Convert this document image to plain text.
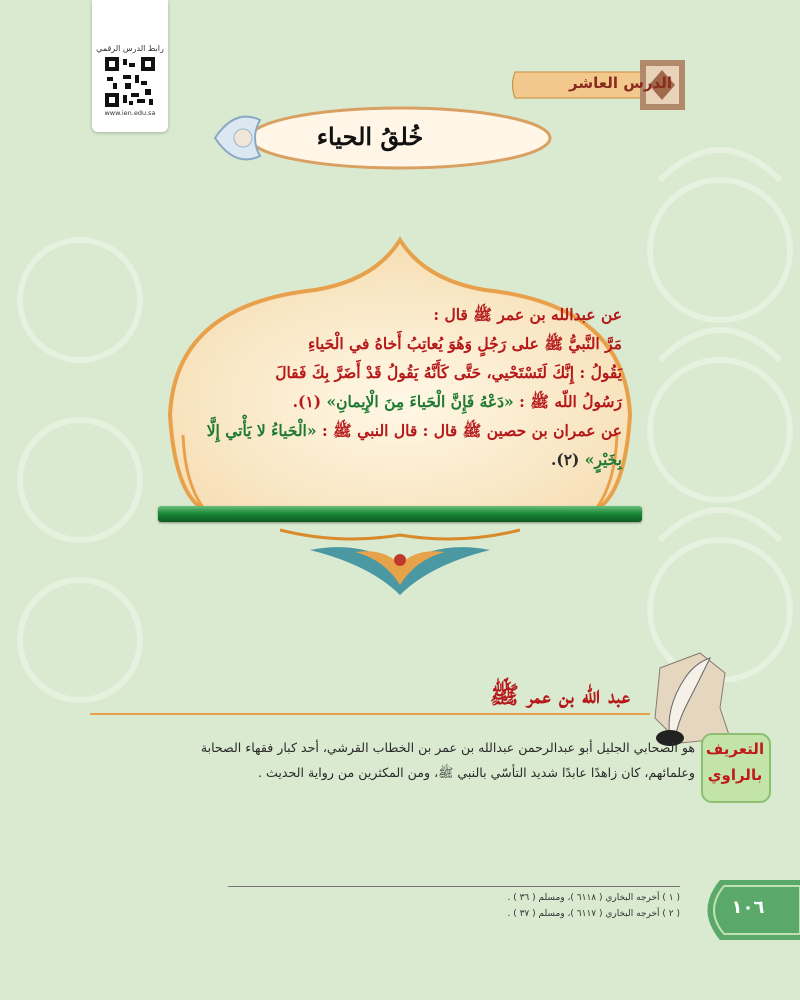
رابط الدرس الرقمي
www.ien.edu.sa
الدرس العاشر
خُلقُ الحياء
عن عبدالله بن عمر ﷺ قال :
مَرَّ النَّبيُّ ﷺ على رَجُلٍ وَهُوَ يُعاتِبُ أَخاهُ في الْحَياءِ
يَقُولُ : إِنَّكَ لَتَسْتَحْيي، حَتَّى كَأَنَّهُ يَقُولُ قَدْ أَضَرَّ بِكَ فَقالَ
رَسُولُ اللّه ﷺ : «دَعْهُ فَإِنَّ الْحَياءَ مِنَ الْإِيمانِ» (١).
عن عمران بن حصين ﷺ قال : قال النبي ﷺ : «الْحَياءُ لا يَأْتي إِلَّا
بِخَيْرٍ» (٢).
عبد الله بن عمر ﷺ
التعريف
بالراوي
هو الصحابي الجليل أبو عبدالرحمن عبدالله بن عمر بن الخطاب القرشي، أحد كبار فقهاء الصحابة
وعلمائهم، كان زاهدًا عابدًا شديد التأسّي بالنبي ﷺ، ومن المكثرين من رواية الحديث .
( ١ ) أخرجه البخاري ( ٦١١٨ )، ومسلم ( ٣٦ ) .
( ٢ ) أخرجه البخاري ( ٦١١٧ )، ومسلم ( ٣٧ ) .	١٠٦
